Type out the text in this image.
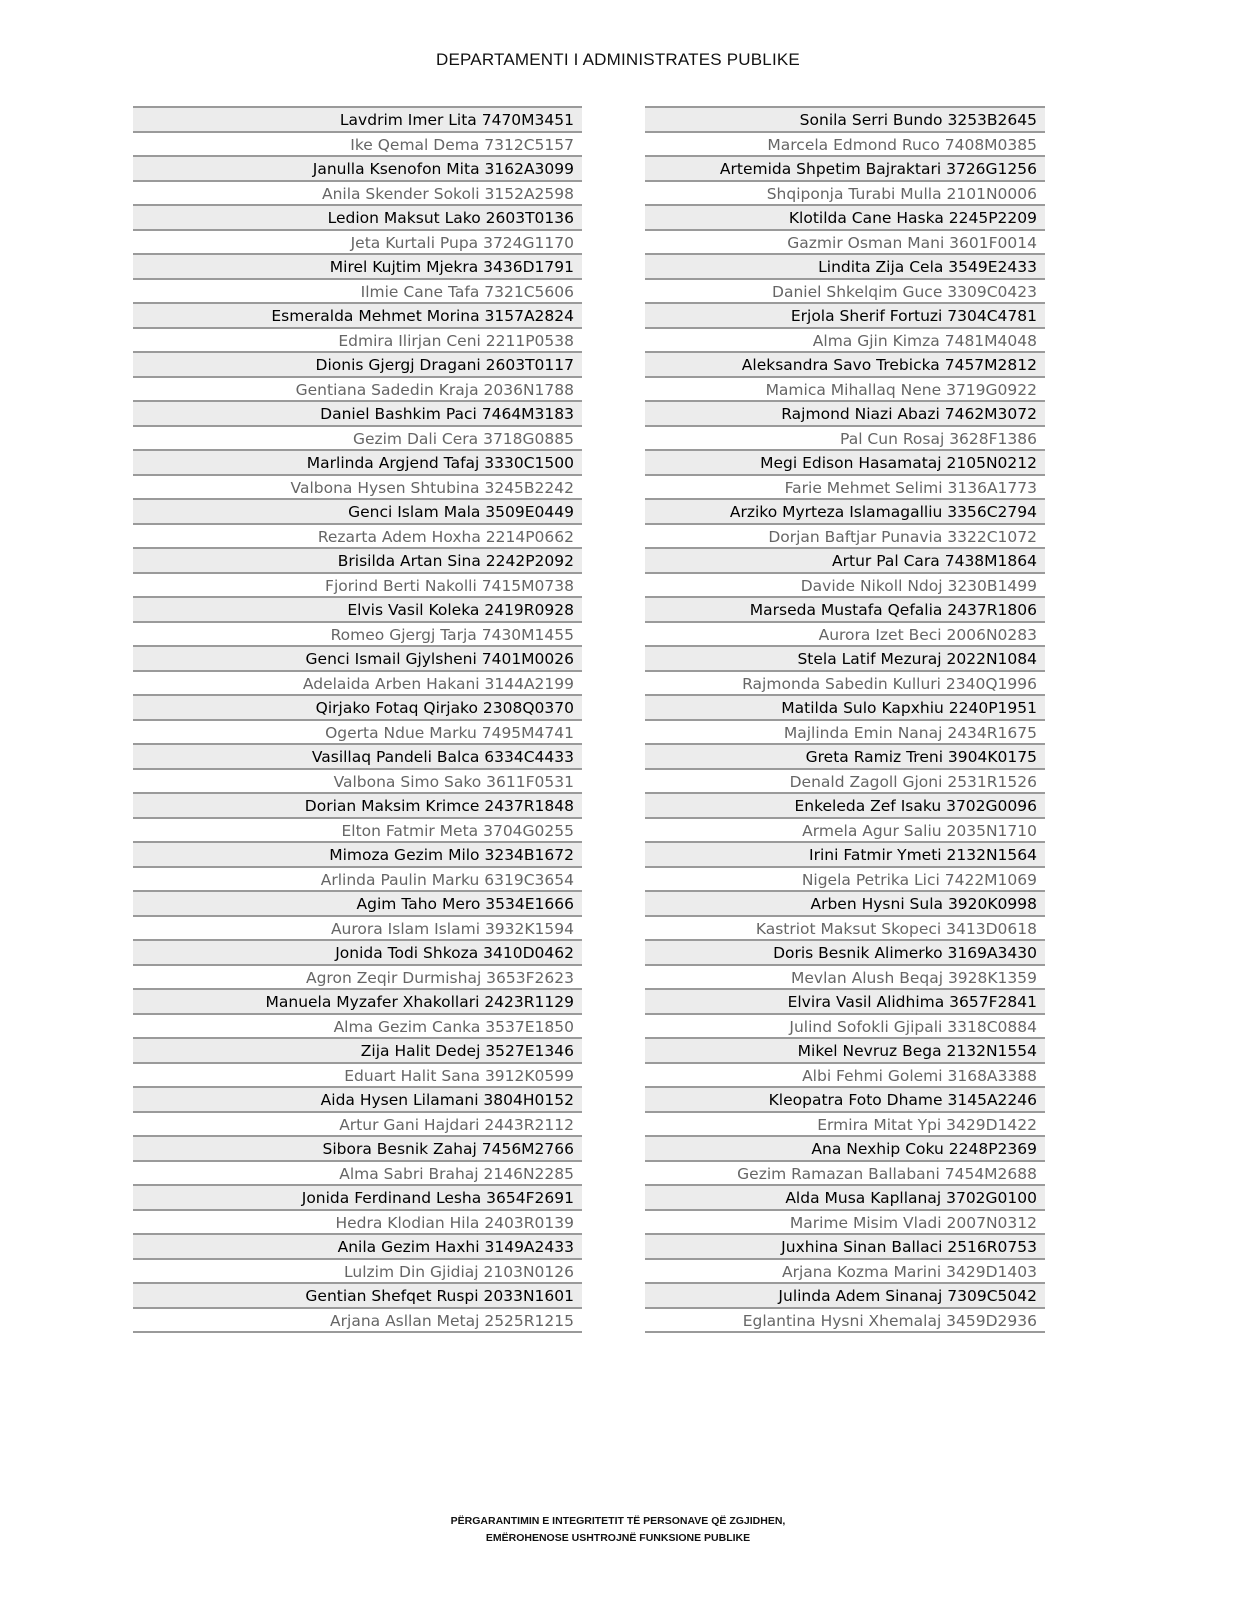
DEPARTAMENTI I ADMINISTRATES PUBLIKE
Lavdrim Imer Lita 7470M3451
Ike Qemal Dema 7312C5157
Janulla Ksenofon Mita 3162A3099
Anila Skender Sokoli 3152A2598
Ledion Maksut Lako 2603T0136
Jeta Kurtali Pupa 3724G1170
Mirel Kujtim Mjekra 3436D1791
Ilmie Cane Tafa 7321C5606
Esmeralda Mehmet Morina 3157A2824
Edmira Ilirjan Ceni 2211P0538
Dionis Gjergj Dragani 2603T0117
Gentiana Sadedin Kraja 2036N1788
Daniel Bashkim Paci 7464M3183
Gezim Dali Cera 3718G0885
Marlinda Argjend Tafaj 3330C1500
Valbona Hysen Shtubina 3245B2242
Genci Islam Mala 3509E0449
Rezarta Adem Hoxha 2214P0662
Brisilda Artan Sina 2242P2092
Fjorind Berti Nakolli 7415M0738
Elvis Vasil Koleka 2419R0928
Romeo Gjergj Tarja 7430M1455
Genci Ismail Gjylsheni 7401M0026
Adelaida Arben Hakani 3144A2199
Qirjako Fotaq Qirjako 2308Q0370
Ogerta Ndue Marku 7495M4741
Vasillaq Pandeli Balca 6334C4433
Valbona Simo Sako 3611F0531
Dorian Maksim Krimce 2437R1848
Elton Fatmir Meta 3704G0255
Mimoza Gezim Milo 3234B1672
Arlinda Paulin Marku 6319C3654
Agim Taho Mero 3534E1666
Aurora Islam Islami 3932K1594
Jonida Todi Shkoza 3410D0462
Agron Zeqir Durmishaj 3653F2623
Manuela Myzafer Xhakollari 2423R1129
Alma Gezim Canka 3537E1850
Zija Halit Dedej 3527E1346
Eduart Halit Sana 3912K0599
Aida Hysen Lilamani 3804H0152
Artur Gani Hajdari 2443R2112
Sibora Besnik Zahaj 7456M2766
Alma Sabri Brahaj 2146N2285
Jonida Ferdinand Lesha 3654F2691
Hedra Klodian Hila 2403R0139
Anila Gezim Haxhi 3149A2433
Lulzim Din Gjidiaj 2103N0126
Gentian Shefqet Ruspi 2033N1601
Arjana Asllan Metaj 2525R1215
Sonila Serri Bundo 3253B2645
Marcela Edmond Ruco 7408M0385
Artemida Shpetim Bajraktari 3726G1256
Shqiponja Turabi Mulla 2101N0006
Klotilda Cane Haska 2245P2209
Gazmir Osman Mani 3601F0014
Lindita Zija Cela 3549E2433
Daniel Shkelqim Guce 3309C0423
Erjola Sherif Fortuzi 7304C4781
Alma Gjin Kimza 7481M4048
Aleksandra Savo Trebicka 7457M2812
Mamica Mihallaq Nene 3719G0922
Rajmond Niazi Abazi 7462M3072
Pal Cun Rosaj 3628F1386
Megi Edison Hasamataj 2105N0212
Farie Mehmet Selimi 3136A1773
Arziko Myrteza Islamagalliu 3356C2794
Dorjan Baftjar Punavia 3322C1072
Artur Pal Cara 7438M1864
Davide Nikoll Ndoj 3230B1499
Marseda Mustafa Qefalia 2437R1806
Aurora Izet Beci 2006N0283
Stela Latif Mezuraj 2022N1084
Rajmonda Sabedin Kulluri 2340Q1996
Matilda Sulo Kapxhiu 2240P1951
Majlinda Emin Nanaj 2434R1675
Greta Ramiz Treni 3904K0175
Denald Zagoll Gjoni 2531R1526
Enkeleda Zef Isaku 3702G0096
Armela Agur Saliu 2035N1710
Irini Fatmir Ymeti 2132N1564
Nigela Petrika Lici 7422M1069
Arben Hysni Sula 3920K0998
Kastriot Maksut Skopeci 3413D0618
Doris Besnik Alimerko 3169A3430
Mevlan Alush Beqaj 3928K1359
Elvira Vasil Alidhima 3657F2841
Julind Sofokli Gjipali 3318C0884
Mikel Nevruz Bega 2132N1554
Albi Fehmi Golemi 3168A3388
Kleopatra Foto Dhame 3145A2246
Ermira Mitat Ypi 3429D1422
Ana Nexhip Coku 2248P2369
Gezim Ramazan Ballabani 7454M2688
Alda Musa Kapllanaj 3702G0100
Marime Misim Vladi 2007N0312
Juxhina Sinan Ballaci 2516R0753
Arjana Kozma Marini 3429D1403
Julinda Adem Sinanaj 7309C5042
Eglantina Hysni Xhemalaj 3459D2936
PËRGARANTIMIN E INTEGRITETIT TË PERSONAVE QË ZGJIDHEN,
EMËROHENOSE USHTROJNË FUNKSIONE PUBLIKE
